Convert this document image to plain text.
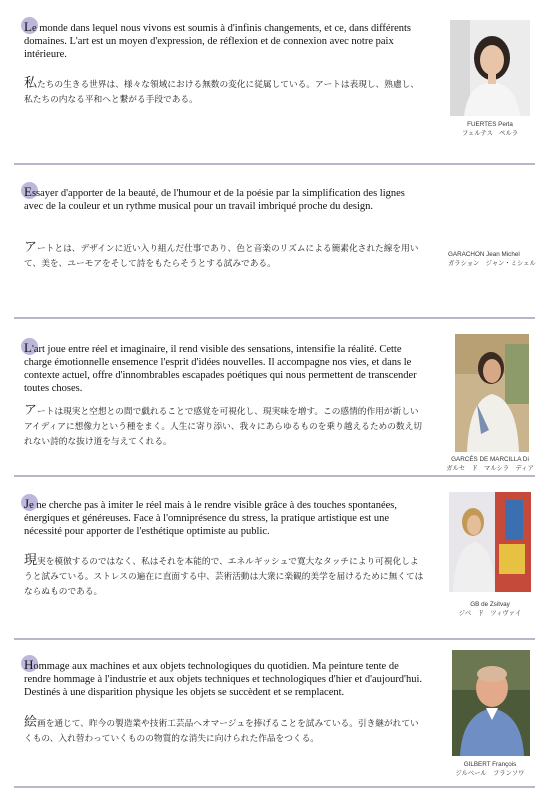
Le monde dans lequel nous vivons est soumis à d'infinis changements, et ce, dans différents domaines. L'art est un moyen d'expression, de réflexion et de connexion avec notre paix intérieure.
私たちの生きる世界は、様々な領域における無数の変化に従属している。アートは表現し、熟慮し、私たちの内なる平和へと繋がる手段である。
FUERTES Perla
フェルテス　ペルラ
Essayer d'apporter de la beauté, de l'humour et de la poésie par la simplification des lignes avec de la couleur et un rythme musical pour un travail imbriqué proche du design.
アートとは、デザインに近い入り組んだ仕事であり、色と音楽のリズムによる簡素化された線を用いて、美を、ユーモアをそして詩をもたらそうとする試みである。
GARACHON Jean Michel
ガラション　ジャン・ミシェル
L'art joue entre réel et imaginaire, il rend visible des sensations, intensifie la réalité. Cette charge émotionnelle ensemence l'esprit d'idées nouvelles. Il accompagne nos vies, et dans le contexte actuel, offre d'innombrables escapades poétiques qui nous permettent de transcender toutes choses.
アートは現実と空想との間で戯れることで感覚を可視化し、現実味を増す。この感情的作用が新しいアイディアに想像力という種をまく。人生に寄り添い、我々にあらゆるものを乗り越えるための数え切れない詩的な抜け道を与えてくれる。
GARCÉS DE MARCILLA Di
ガルセ　ド　マルシラ　ディア
Je ne cherche pas à imiter le réel mais à le rendre visible grâce à des touches spontanées, énergiques et généreuses. Face à l'omniprésence du stress, la pratique artistique est une nécessité pour apporter de l'esthétique optimiste au public.
現実を模倣するのではなく、私はそれを本能的で、エネルギッシュで寛大なタッチにより可視化しようと試みている。ストレスの遍在に直面する中、芸術活動は大衆に楽観的美学を届けるために無くてはならぬものである。
GB de Zsitvay
ジベ　ド　ツィヴァイ
Hommage aux machines et aux objets technologiques du quotidien. Ma peinture tente de rendre hommage à l'industrie et aux objets techniques et technologiques d'hier et d'aujourd'hui. Destinés à une disparition physique les objets se succèdent et se remplacent.
絵画を通じて、昨今の製造業や技術工芸品へオマージュを捧げることを試みている。引き継がれていくもの、入れ替わっていくものの物質的な消失に向けられた作品をつくる。
GILBERT François
ジルベール　フランソワ
